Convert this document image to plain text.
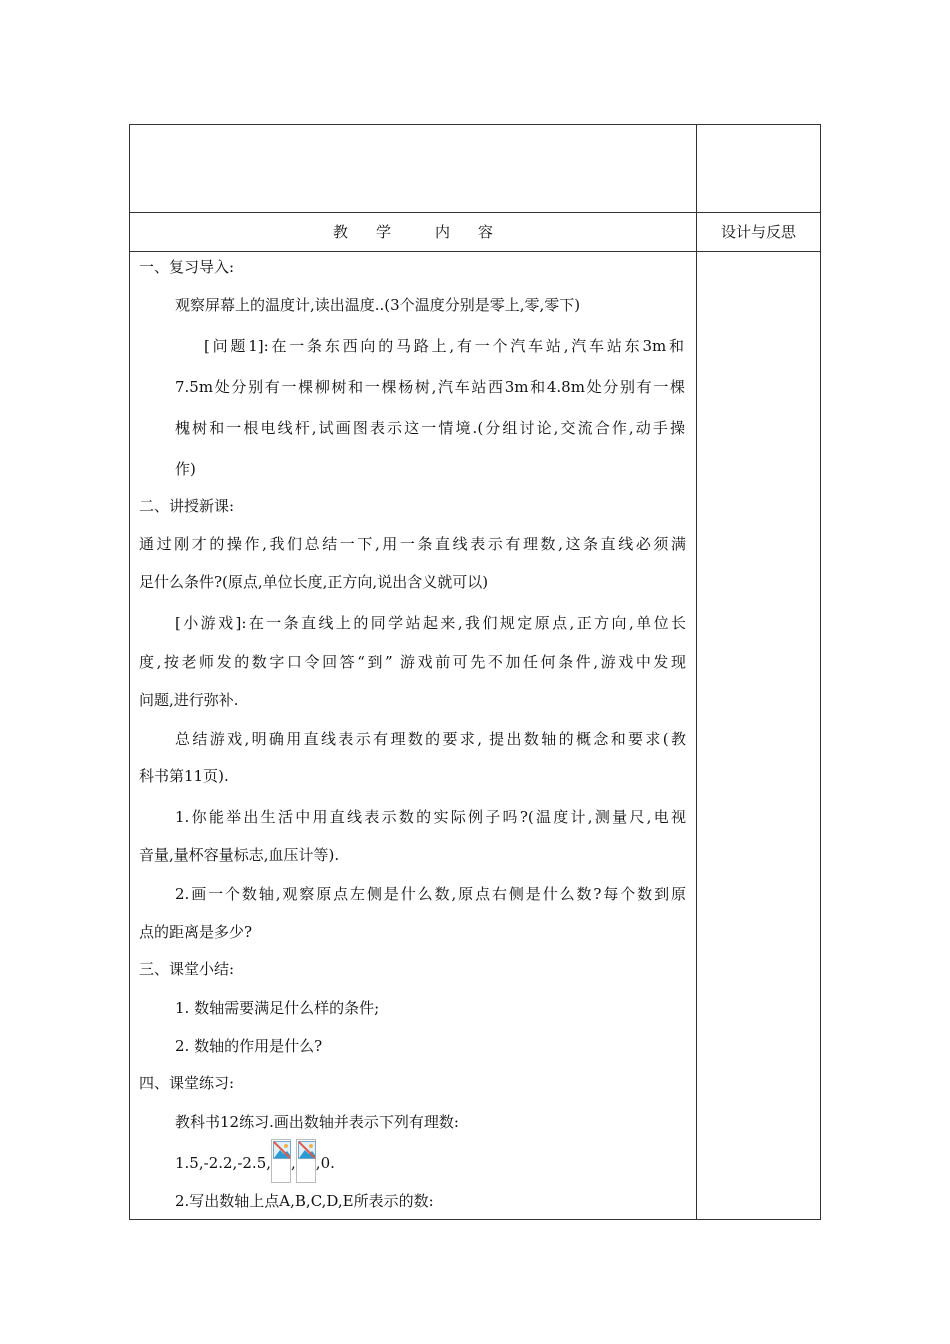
教 学	内 容	设计与反思
一、复习导入:
观察屏幕上的温度计,读出温度..(3个温度分别是零上,零,零下)
[问题1]:在一条东西向的马路上,有一个汽车站,汽车站东3m和
7.5m处分别有一棵柳树和一棵杨树,汽车站西3m和4.8m处分别有一棵
槐树和一根电线杆,试画图表示这一情境.(分组讨论,交流合作,动手操
作)
二、讲授新课:
通过刚才的操作,我们总结一下,用一条直线表示有理数,这条直线必须满
足什么条件?(原点,单位长度,正方向,说出含义就可以)
[小游戏]:在一条直线上的同学站起来,我们规定原点,正方向,单位长
度,按老师发的数字口令回答“到” 游戏前可先不加任何条件,游戏中发现
问题,进行弥补.
总结游戏,明确用直线表示有理数的要求, 提出数轴的概念和要求(教
科书第11页).
1.你能举出生活中用直线表示数的实际例子吗?(温度计,测量尺,电视
音量,量杯容量标志,血压计等).
2.画一个数轴,观察原点左侧是什么数,原点右侧是什么数?每个数到原
点的距离是多少?
三、课堂小结:
1. 数轴需要满足什么样的条件;
2. 数轴的作用是什么?
四、课堂练习:
教科书12练习.画出数轴并表示下列有理数:
1.5,-2.2,-2.5, , ,0.
2.写出数轴上点A,B,C,D,E所表示的数:
